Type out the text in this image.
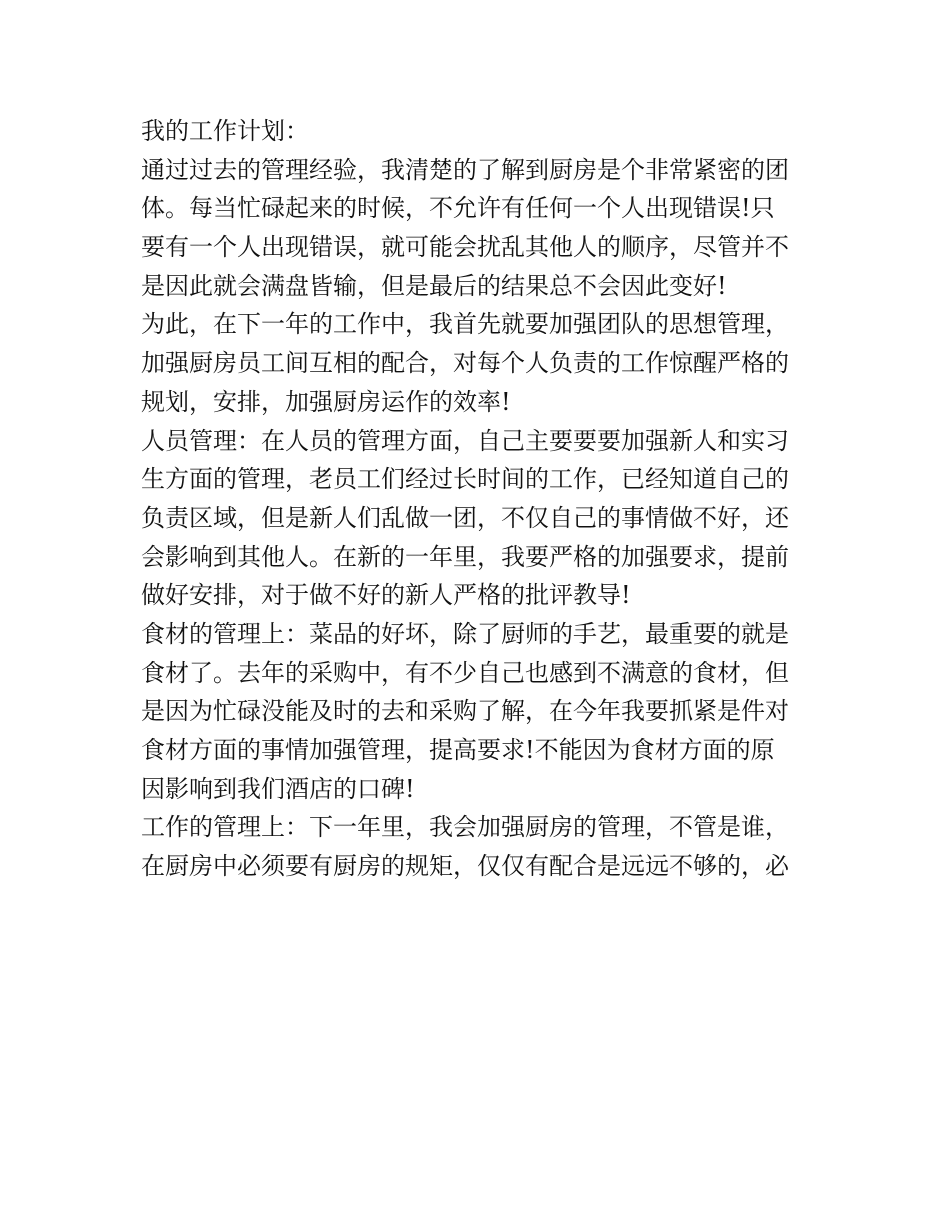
我的工作计划：
通过过去的管理经验，我清楚的了解到厨房是个非常紧密的团
体。每当忙碌起来的时候，不允许有任何一个人出现错误!只
要有一个人出现错误，就可能会扰乱其他人的顺序，尽管并不
是因此就会满盘皆输，但是最后的结果总不会因此变好!
为此，在下一年的工作中，我首先就要加强团队的思想管理，
加强厨房员工间互相的配合，对每个人负责的工作惊醒严格的
规划，安排，加强厨房运作的效率!
人员管理：在人员的管理方面，自己主要要要加强新人和实习
生方面的管理，老员工们经过长时间的工作，已经知道自己的
负责区域，但是新人们乱做一团，不仅自己的事情做不好，还
会影响到其他人。在新的一年里，我要严格的加强要求，提前
做好安排，对于做不好的新人严格的批评教导!
食材的管理上：菜品的好坏，除了厨师的手艺，最重要的就是
食材了。去年的采购中，有不少自己也感到不满意的食材，但
是因为忙碌没能及时的去和采购了解，在今年我要抓紧是件对
食材方面的事情加强管理，提高要求!不能因为食材方面的原
因影响到我们酒店的口碑!
工作的管理上：下一年里，我会加强厨房的管理，不管是谁，
在厨房中必须要有厨房的规矩，仅仅有配合是远远不够的，必
